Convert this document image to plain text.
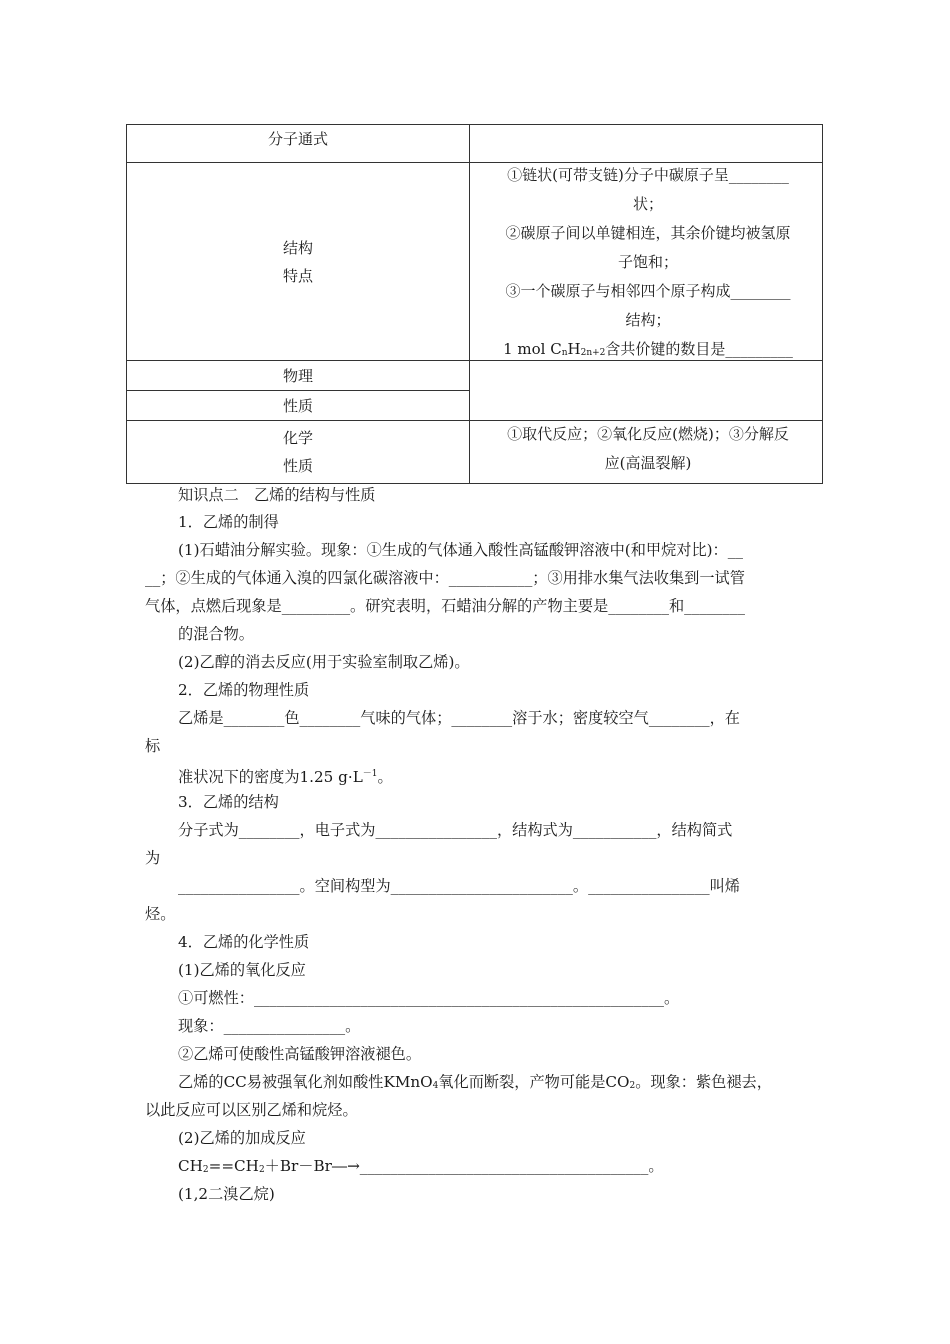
分子通式
结构
特点
①链状(可带支链)分子中碳原子呈________
状；
②碳原子间以单键相连，其余价键均被氢原
子饱和；
③一个碳原子与相邻四个原子构成________
结构；
1 mol $C_nH_{2n+2}$含共价键的数目是_________
物理
性质
化学
性质
①取代反应；②氧化反应(燃烧)；③分解反
应(高温裂解)
知识点二　乙烯的结构与性质
1．乙烯的制得
(1)石蜡油分解实验。现象：①生成的气体通入酸性高锰酸钾溶液中(和甲烷对比)：__
__；②生成的气体通入溴的四氯化碳溶液中：___________；③用排水集气法收集到一试管
气体，点燃后现象是_________。研究表明，石蜡油分解的产物主要是________和________
的混合物。
(2)乙醇的消去反应(用于实验室制取乙烯)。
2．乙烯的物理性质
乙烯是________色________气味的气体；________溶于水；密度较空气________，在
标
准状况下的密度为1.25 $g\cdot L^{-1}$。
3．乙烯的结构
分子式为________，电子式为________________，结构式为___________，结构简式
为
________________。空间构型为________________________。________________叫烯
烃。
4．乙烯的化学性质
(1)乙烯的氧化反应
①可燃性：______________________________________________________。
现象：________________。
②乙烯可使酸性高锰酸钾溶液褪色。
乙烯的CC易被强氧化剂如酸性KMnO$_4$氧化而断裂，产物可能是$CO_2$。现象：紫色褪去，
以此反应可以区别乙烯和烷烃。
(2)乙烯的加成反应
$CH_2==CH_2+Br-Br―\to\_\_\_\_\_\_\_\_\_\_\_\_\_\_\_\_\_\_\_\_\_\_\_\_\_\_\_\_\_\_\_\_\_\_\_\_\_\_$。
(1,2二溴乙烷)
